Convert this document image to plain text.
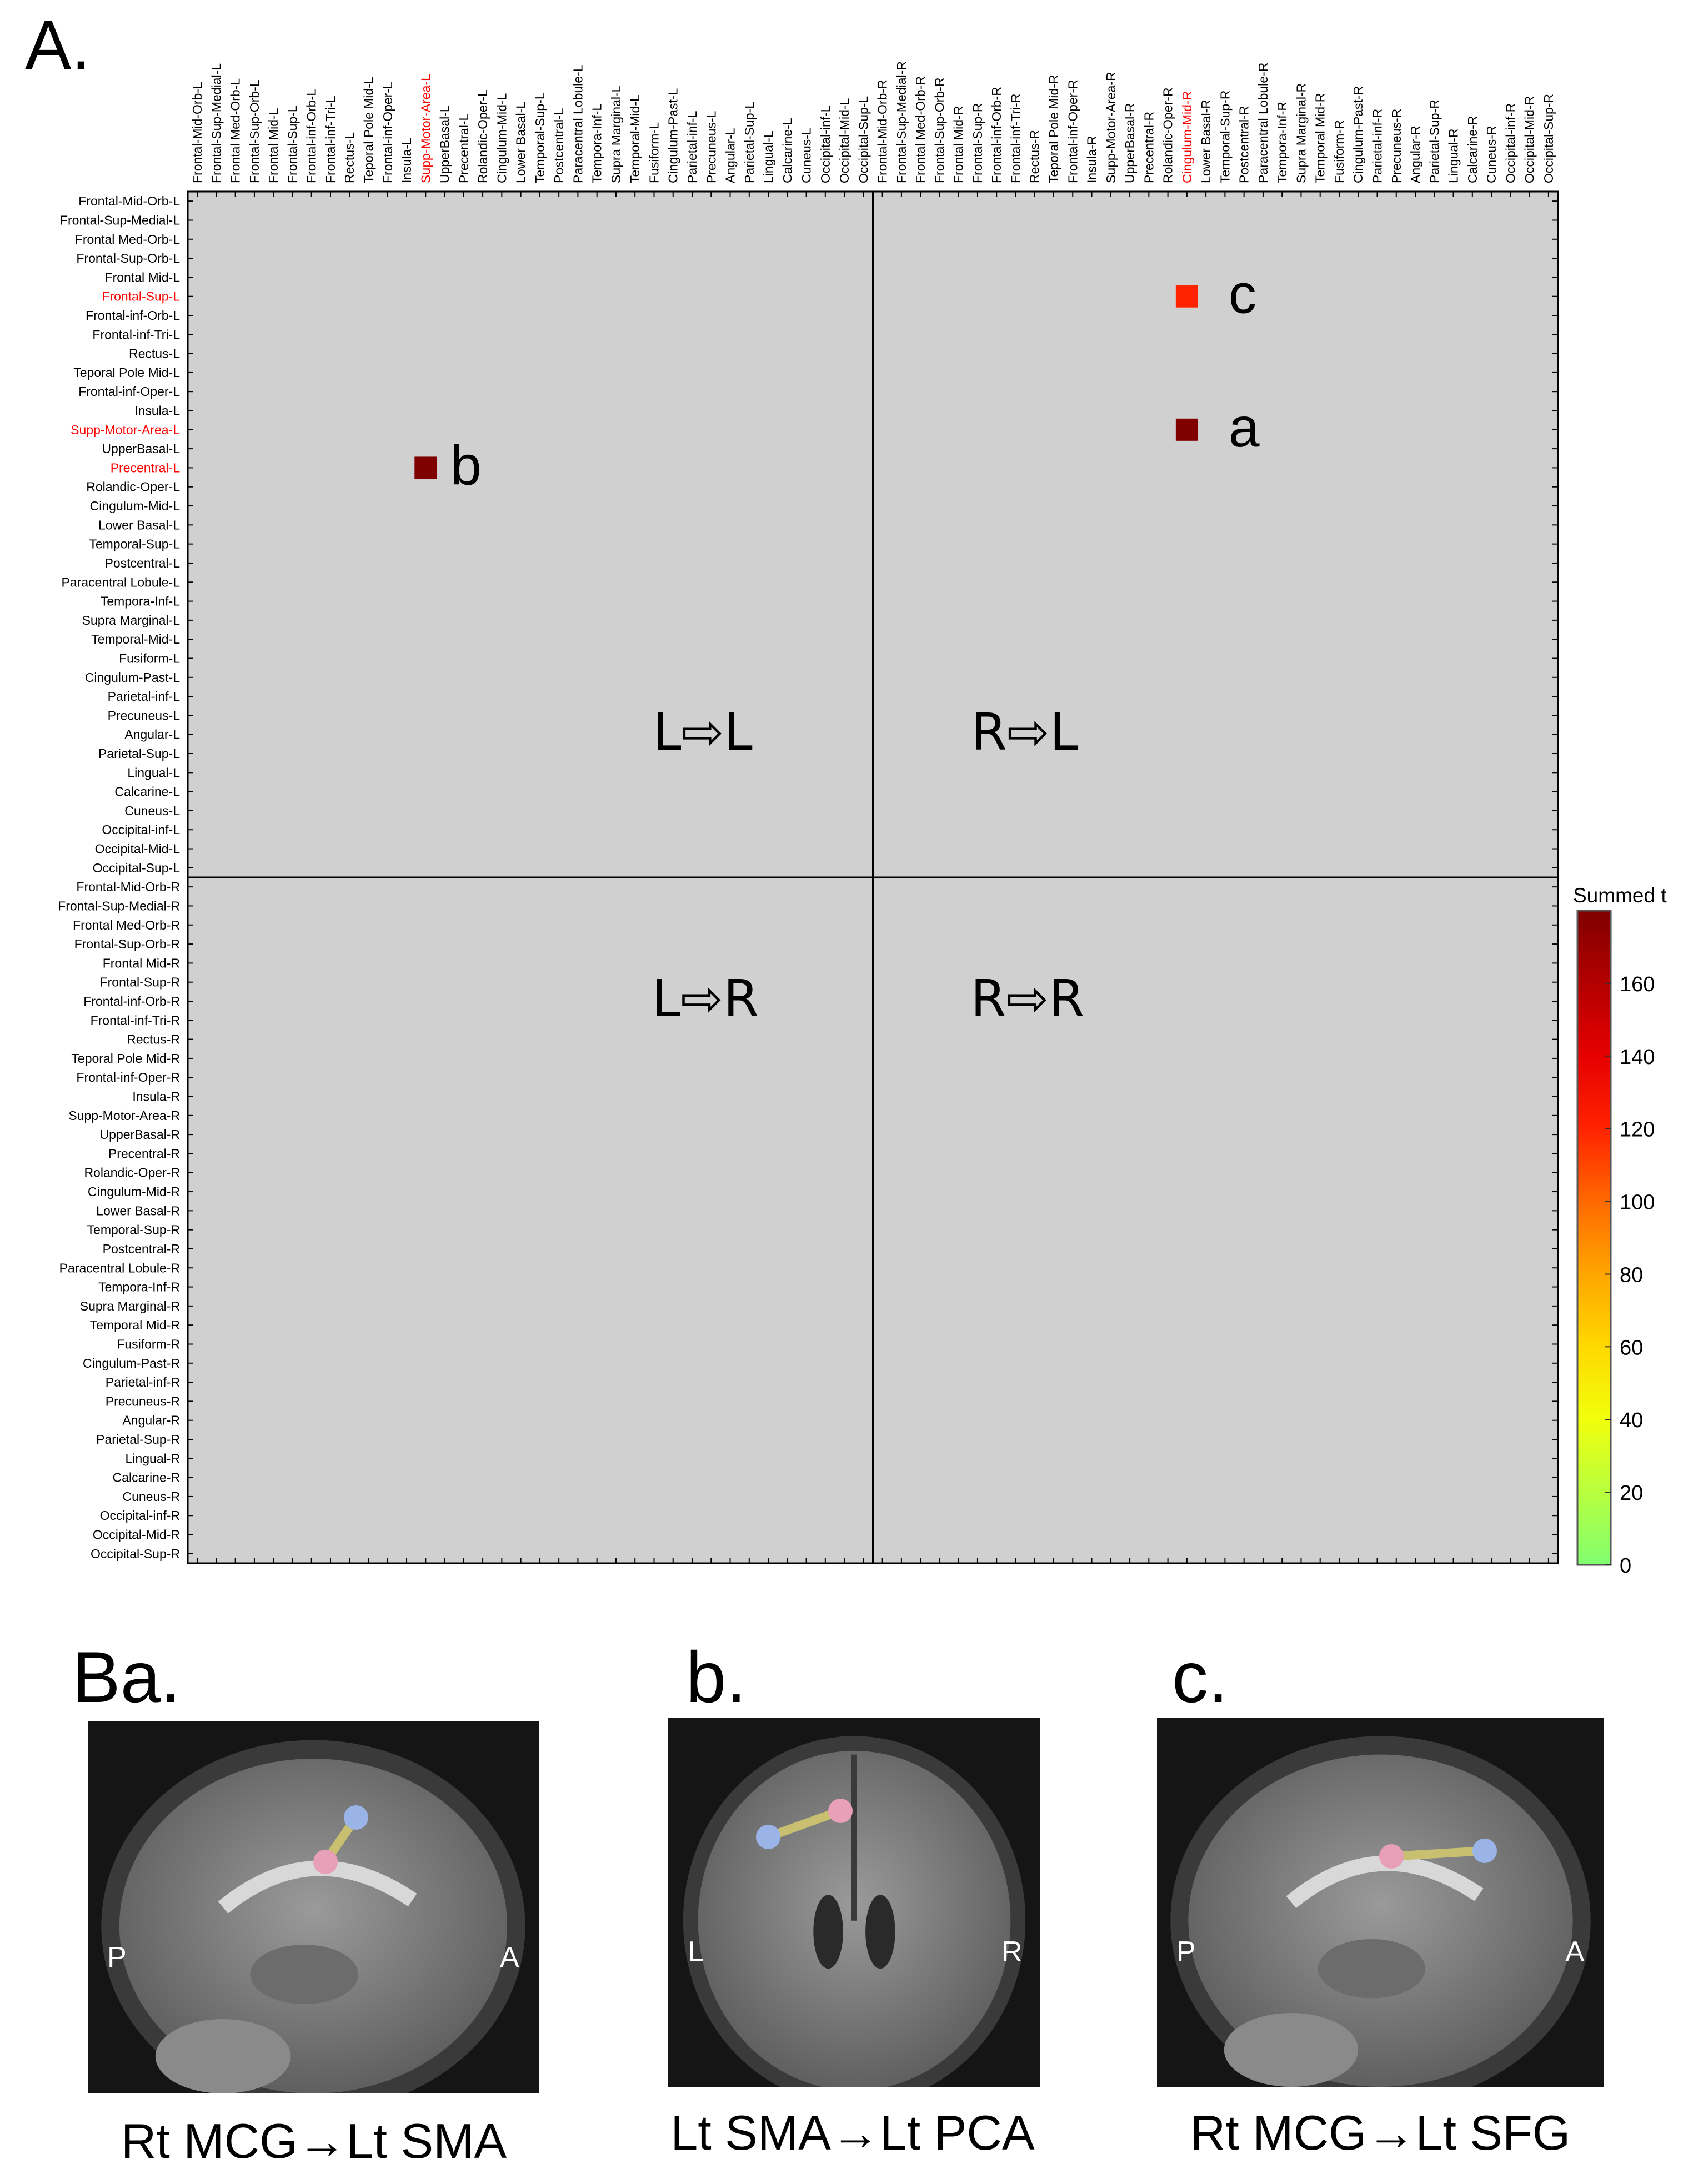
A.
Frontal-Mid-Orb-L
Frontal-Sup-Medial-L
Frontal Med-Orb-L
Frontal-Sup-Orb-L
Frontal Mid-L
Frontal-Sup-L
Frontal-inf-Orb-L
Frontal-inf-Tri-L
Rectus-L
Teporal Pole Mid-L
Frontal-inf-Oper-L
Insula-L
Supp-Motor-Area-L
UpperBasal-L
Precentral-L
Rolandic-Oper-L
Cingulum-Mid-L
Lower Basal-L
Temporal-Sup-L
Postcentral-L
Paracentral Lobule-L
Tempora-Inf-L
Supra Marginal-L
Temporal-Mid-L
Fusiform-L
Cingulum-Past-L
Parietal-inf-L
Precuneus-L
Angular-L
Parietal-Sup-L
Lingual-L
Calcarine-L
Cuneus-L
Occipital-inf-L
Occipital-Mid-L
Occipital-Sup-L
Frontal-Mid-Orb-R
Frontal-Sup-Medial-R
Frontal Med-Orb-R
Frontal-Sup-Orb-R
Frontal Mid-R
Frontal-Sup-R
Frontal-inf-Orb-R
Frontal-inf-Tri-R
Rectus-R
Teporal Pole Mid-R
Frontal-inf-Oper-R
Insula-R
Supp-Motor-Area-R
UpperBasal-R
Precentral-R
Rolandic-Oper-R
Cingulum-Mid-R
Lower Basal-R
Temporal-Sup-R
Postcentral-R
Paracentral Lobule-R
Tempora-Inf-R
Supra Marginal-R
Temporal Mid-R
Fusiform-R
Cingulum-Past-R
Parietal-inf-R
Precuneus-R
Angular-R
Parietal-Sup-R
Lingual-R
Calcarine-R
Cuneus-R
Occipital-inf-R
Occipital-Mid-R
Occipital-Sup-R
Frontal-Mid-Orb-L Frontal-Sup-Medial-L Frontal Med-Orb-L Frontal-Sup-Orb-L Frontal Mid-L Frontal-Sup-L Frontal-inf-Orb-L Frontal-inf-Tri-L Rectus-L Teporal Pole Mid-L Frontal-inf-Oper-L Insula-L Supp-Motor-Area-L UpperBasal-L Precentral-L Rolandic-Oper-L Cingulum-Mid-L Lower Basal-L Temporal-Sup-L Postcentral-L Paracentral Lobule-L Tempora-Inf-L Supra Marginal-L Temporal-Mid-L Fusiform-L Cingulum-Past-L Parietal-inf-L Precuneus-L Angular-L Parietal-Sup-L Lingual-L Calcarine-L Cuneus-L Occipital-inf-L Occipital-Mid-L Occipital-Sup-L Frontal-Mid-Orb-R Frontal-Sup-Medial-R Frontal Med-Orb-R Frontal-Sup-Orb-R Frontal Mid-R Frontal-Sup-R Frontal-inf-Orb-R Frontal-inf-Tri-R Rectus-R Teporal Pole Mid-R Frontal-inf-Oper-R Insula-R Supp-Motor-Area-R UpperBasal-R Precentral-R Rolandic-Oper-R Cingulum-Mid-R Lower Basal-R Temporal-Sup-R Postcentral-R Paracentral Lobule-R Tempora-Inf-R Supra Marginal-R Temporal Mid-R Fusiform-R Cingulum-Past-R Parietal-inf-R Precuneus-R Angular-R Parietal-Sup-R Lingual-R Calcarine-R Cuneus-R Occipital-inf-R Occipital-Mid-R Occipital-Sup-R
c
a
b
L⇨L	R⇨L
L⇨R	R⇨R
Summed t
0
20
40
60
80
100
120
140
160
Ba.	b.	c.
P	A	L	R	P	A
Rt MCG→Lt SMA	Lt SMA→Lt PCA	Rt MCG→Lt SFG
